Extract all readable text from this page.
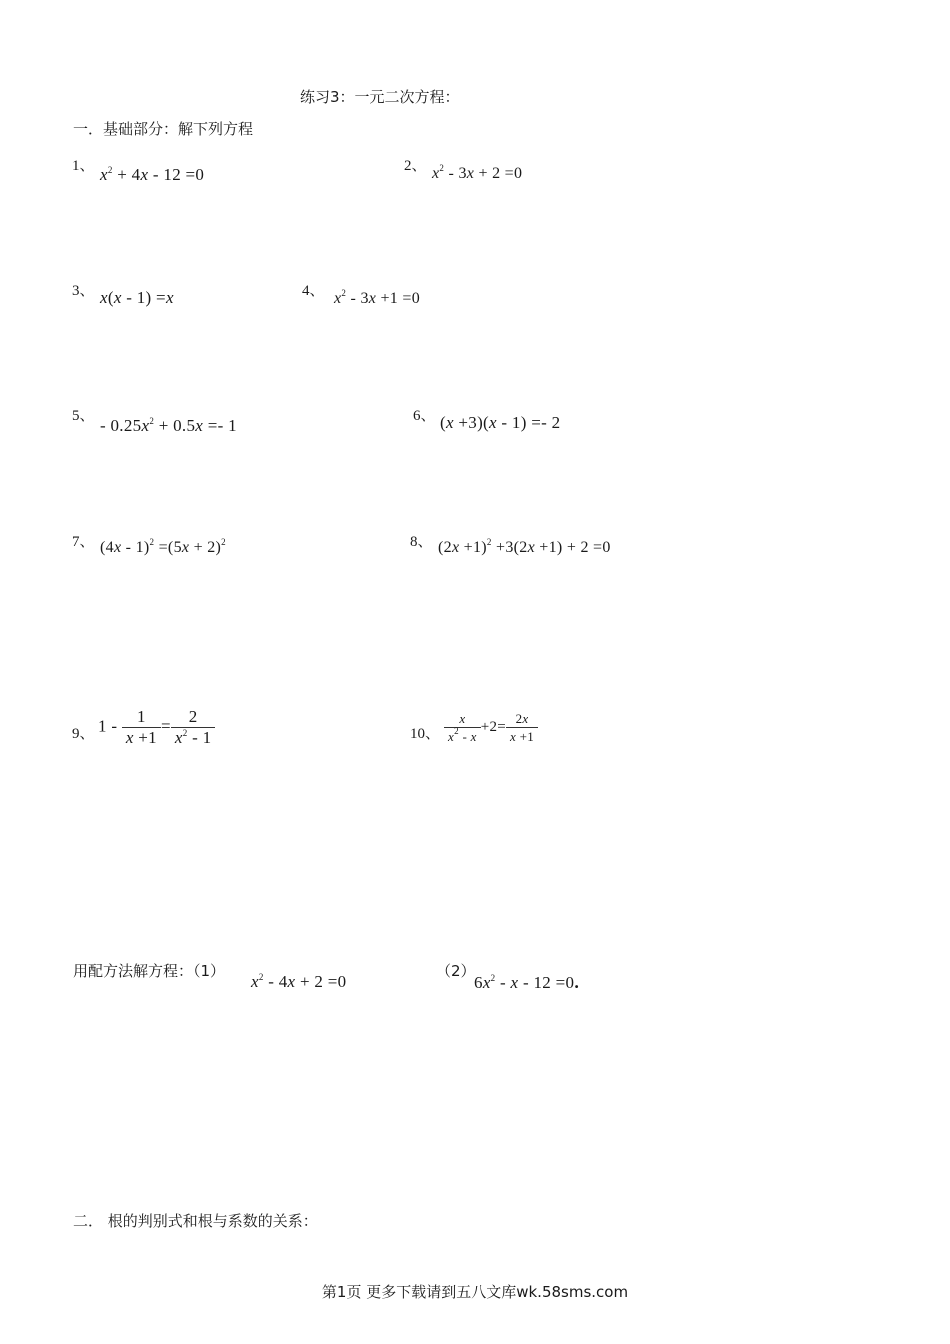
练习3：一元二次方程：
一．基础部分：解下列方程
1、 $x^2 + 4x - 12 =0$	2、 $x^2 - 3x + 2 =0$
3、 x(x - 1) =x	4、 $x^2 - 3x +1 =0$
5、 - $0.25x^2 + 0.5x =- 1$	6、 (x +3)(x - 1) =- 2
7、 $(4x - 1)^2 =(5x + 2)^2$	8、 $(2x +1)^2 +3(2x +1) + 2 =0$
9、 $1 - \frac{1}{x +1} = \frac{2}{x^2 - 1}$	10、 $\frac{x}{x^2 - x} +2= \frac{2x}{x +1}$
用配方法解方程：（1）
$x^2 - 4x + 2 =0$
（2）
$6x^2 - x - 12 =0$.
二． 根的判别式和根与系数的关系：
第1页 更多下载请到五八文库wk.58sms.com
